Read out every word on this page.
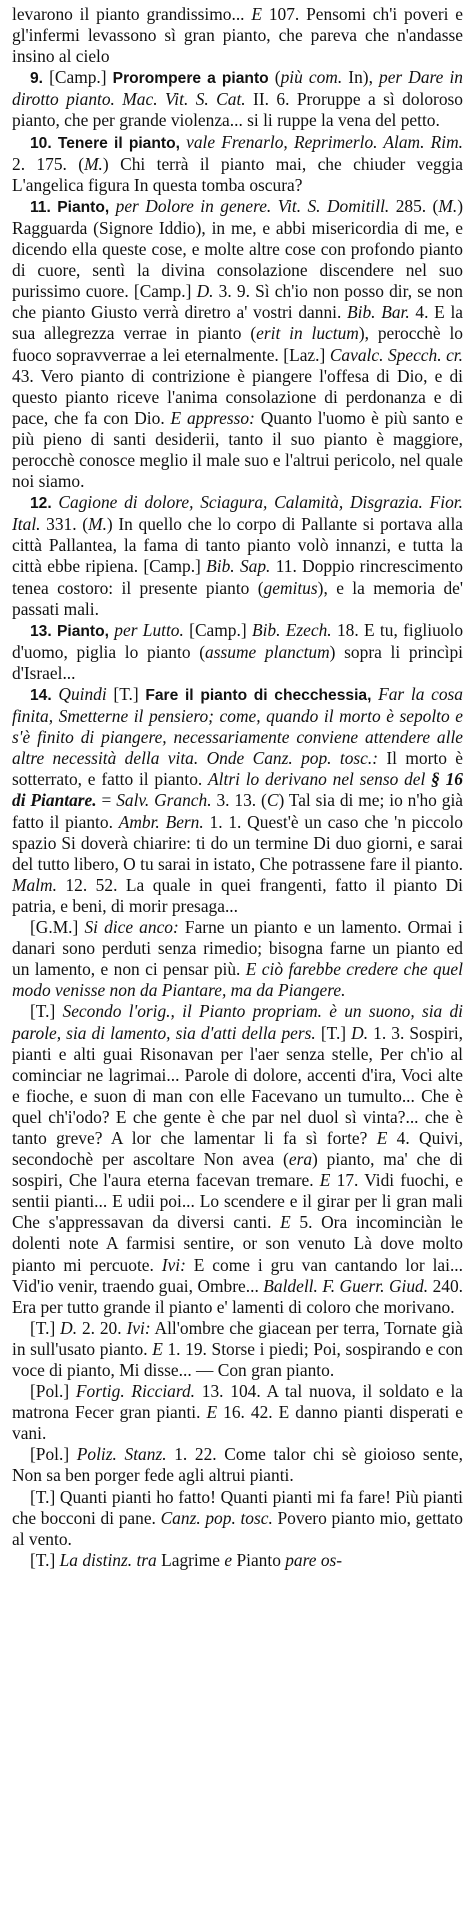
levarono il pianto grandissimo... E 107. Pensomi ch'i poveri e gl'infermi levassono sì gran pianto, che pareva che n'andasse insino al cielo

9. [Camp.] Prorompere a pianto (più com. In), per Dare in dirotto pianto. Mac. Vit. S. Cat. II. 6. Proruppe a sì doloroso pianto, che per grande violenza... si li ruppe la vena del petto.

10. Tenere il pianto, vale Frenarlo, Reprimerlo. Alam. Rim. 2. 175. (M.) Chi terrà il pianto mai, che chiuder veggia L'angelica figura In questa tomba oscura?

11. Pianto, per Dolore in genere. Vit. S. Domitill. 285. (M.) Ragguarda (Signore Iddio), in me, e abbi misericordia di me, e dicendo ella queste cose, e molte altre cose con profondo pianto di cuore, sentì la divina consolazione discendere nel suo purissimo cuore. [Camp.] D. 3. 9. Sì ch'io non posso dir, se non che pianto Giusto verrà diretro a' vostri danni. Bib. Bar. 4. E la sua allegrezza verrae in pianto (erit in luctum), perocchè lo fuoco sopravverrae a lei eternalmente. [Laz.] Cavalc. Specch. cr. 43. Vero pianto di contrizione è piangere l'offesa di Dio, e di questo pianto riceve l'anima consolazione di perdonanza e di pace, che fa con Dio. E appresso: Quanto l'uomo è più santo e più pieno di santi desiderii, tanto il suo pianto è maggiore, perocchè conosce meglio il male suo e l'altrui pericolo, nel quale noi siamo.

12. Cagione di dolore, Sciagura, Calamità, Disgrazia. Fior. Ital. 331. (M.) In quello che lo corpo di Pallante si portava alla città Pallantea, la fama di tanto pianto volò innanzi, e tutta la città ebbe ripiena. [Camp.] Bib. Sap. 11. Doppio rincrescimento tenea costoro: il presente pianto (gemitus), e la memoria de' passati mali.

13. Pianto, per Lutto. [Camp.] Bib. Ezech. 18. E tu, figliuolo d'uomo, piglia lo pianto (assume planctum) sopra li princìpi d'Israel...

14. Quindi [T.] Fare il pianto di checchessia, Far la cosa finita, Smetterne il pensiero; come, quando il morto è sepolto e s'è finito di piangere, necessariamente conviene attendere alle altre necessità della vita. Onde Canz. pop. tosc.: Il morto è sotterrato, e fatto il pianto. Altri lo derivano nel senso del § 16 di Piantare. = Salv. Granch. 3. 13. (C) Tal sia di me; io n'ho già fatto il pianto. Ambr. Bern. 1. 1. Quest'è un caso che 'n piccolo spazio Si doverà chiarire: ti do un termine Di duo giorni, e sarai del tutto libero, O tu sarai in istato, Che potrassene fare il pianto. Malm. 12. 52. La quale in quei frangenti, fatto il pianto Di patria, e beni, di morir presaga...

[G.M.] Si dice anco: Farne un pianto e un lamento. Ormai i danari sono perduti senza rimedio; bisogna farne un pianto ed un lamento, e non ci pensar più. E ciò farebbe credere che quel modo venisse non da Piantare, ma da Piangere.

[T.] Secondo l'orig., il Pianto propriam. è un suono, sia di parole, sia di lamento, sia d'atti della pers. [T.] D. 1. 3. Sospiri, pianti e alti guai Risonavan per l'aer senza stelle, Per ch'io al cominciar ne lagrimai... Parole di dolore, accenti d'ira, Voci alte e fioche, e suon di man con elle Facevano un tumulto... Che è quel ch'i'odo? E che gente è che par nel duol sì vinta?... che è tanto greve? A lor che lamentar li fa sì forte? E 4. Quivi, secondochè per ascoltare Non avea (era) pianto, ma' che di sospiri, Che l'aura eterna facevan tremare. E 17. Vidi fuochi, e sentii pianti... E udii poi... Lo scendere e il girar per li gran mali Che s'appressavan da diversi canti. E 5. Ora incominciàn le dolenti note A farmisi sentire, or son venuto Là dove molto pianto mi percuote. Ivi: E come i gru van cantando lor lai... Vid'io venir, traendo guai, Ombre... Baldell. F. Guerr. Giud. 240. Era per tutto grande il pianto e' lamenti di coloro che morivano.

[T.] D. 2. 20. Ivi: All'ombre che giacean per terra, Tornate già in sull'usato pianto. E 1. 19. Storse i piedi; Poi, sospirando e con voce di pianto, Mi disse... — Con gran pianto.

[Pol.] Fortig. Ricciard. 13. 104. A tal nuova, il soldato e la matrona Fecer gran pianti. E 16. 42. E danno pianti disperati e vani.

[Pol.] Poliz. Stanz. 1. 22. Come talor chi sè gioioso sente, Non sa ben porger fede agli altrui pianti.

[T.] Quanti pianti ho fatto! Quanti pianti mi fa fare! Più pianti che bocconi di pane. Canz. pop. tosc. Povero pianto mio, gettato al vento.

[T.] La distinz. tra Lagrime e Pianto pare os-
